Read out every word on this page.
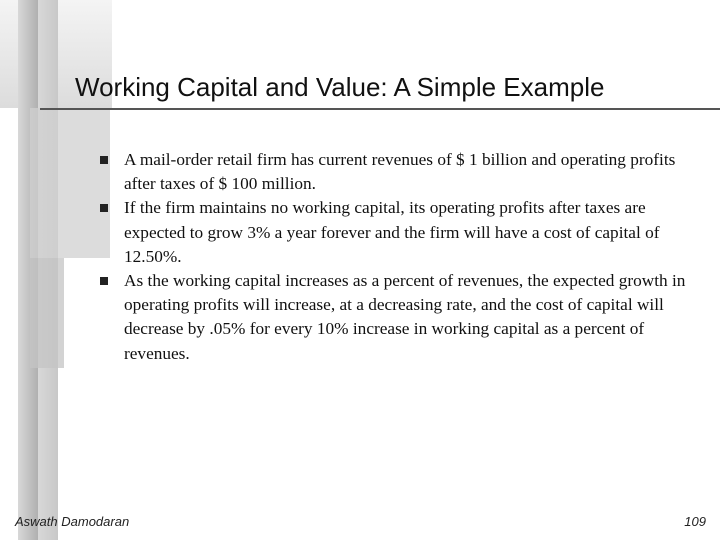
Working Capital and Value: A Simple Example
A mail-order retail firm has current revenues of $ 1 billion and operating profits after taxes of $ 100 million.
If the firm maintains no working capital, its operating profits after taxes are expected to grow 3% a year forever and the firm will have a cost of capital of 12.50%.
As the working capital increases as a percent of revenues, the expected growth in operating profits will increase, at a decreasing rate, and the cost of capital will decrease by .05% for every 10% increase in working capital as a percent of revenues.
Aswath Damodaran	109
